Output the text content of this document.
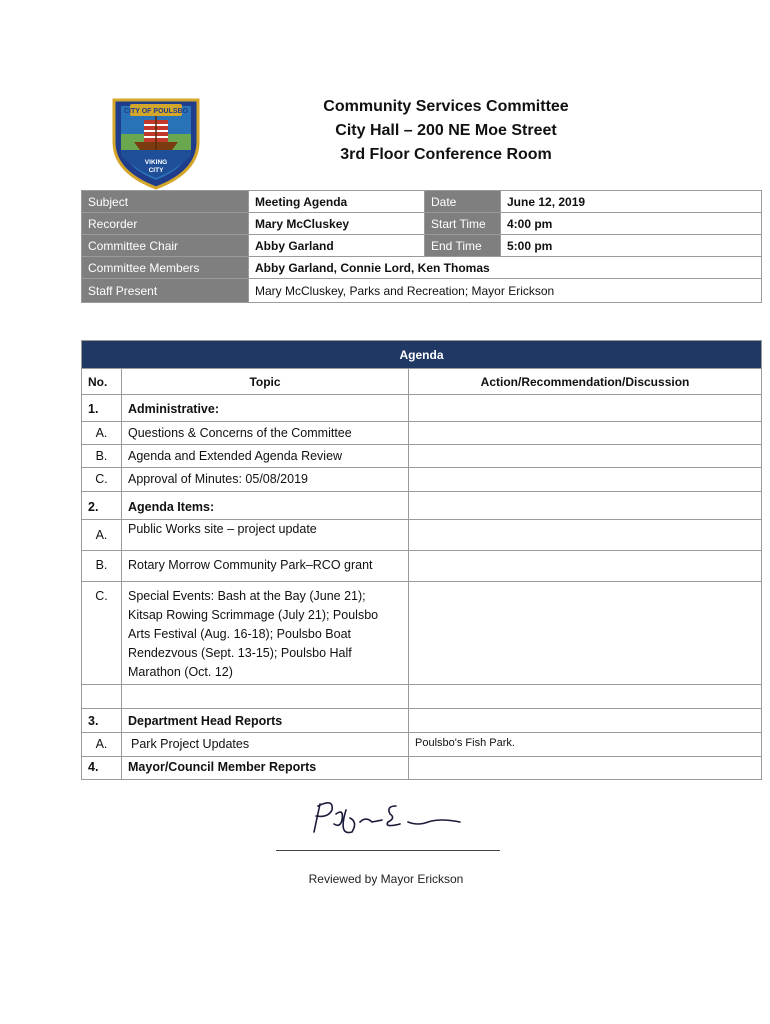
CITY OF POULSBO
VIKING
CITY
Community Services Committee
City Hall – 200 NE Moe Street
3rd Floor Conference Room
Subject	Meeting Agenda	Date	June 12, 2019
Recorder	Mary McCluskey	Start Time	4:00 pm
Committee Chair	Abby Garland	End Time	5:00 pm
Committee Members	Abby Garland, Connie Lord, Ken Thomas		
Staff Present	Mary McCluskey, Parks and Recreation; Mayor Erickson		
Agenda		
No.	Topic	Action/Recommendation/Discussion
1.	Administrative:	
A.	Questions & Concerns of the Committee	
B.	Agenda and Extended Agenda Review	
C.	Approval of Minutes: 05/08/2019	
2.	Agenda Items:	
A.	Public Works site – project update	
B.	Rotary Morrow Community Park–RCO grant	
C.	Special Events: Bash at the Bay (June 21); Kitsap Rowing Scrimmage (July 21); Poulsbo Arts Festival (Aug. 16-18); Poulsbo Boat Rendezvous (Sept. 13-15); Poulsbo Half Marathon (Oct. 12)	

3.	Department Head Reports	
A.	Park Project Updates	Poulsbo's Fish Park.
4.	Mayor/Council Member Reports	
Reviewed by Mayor Erickson
